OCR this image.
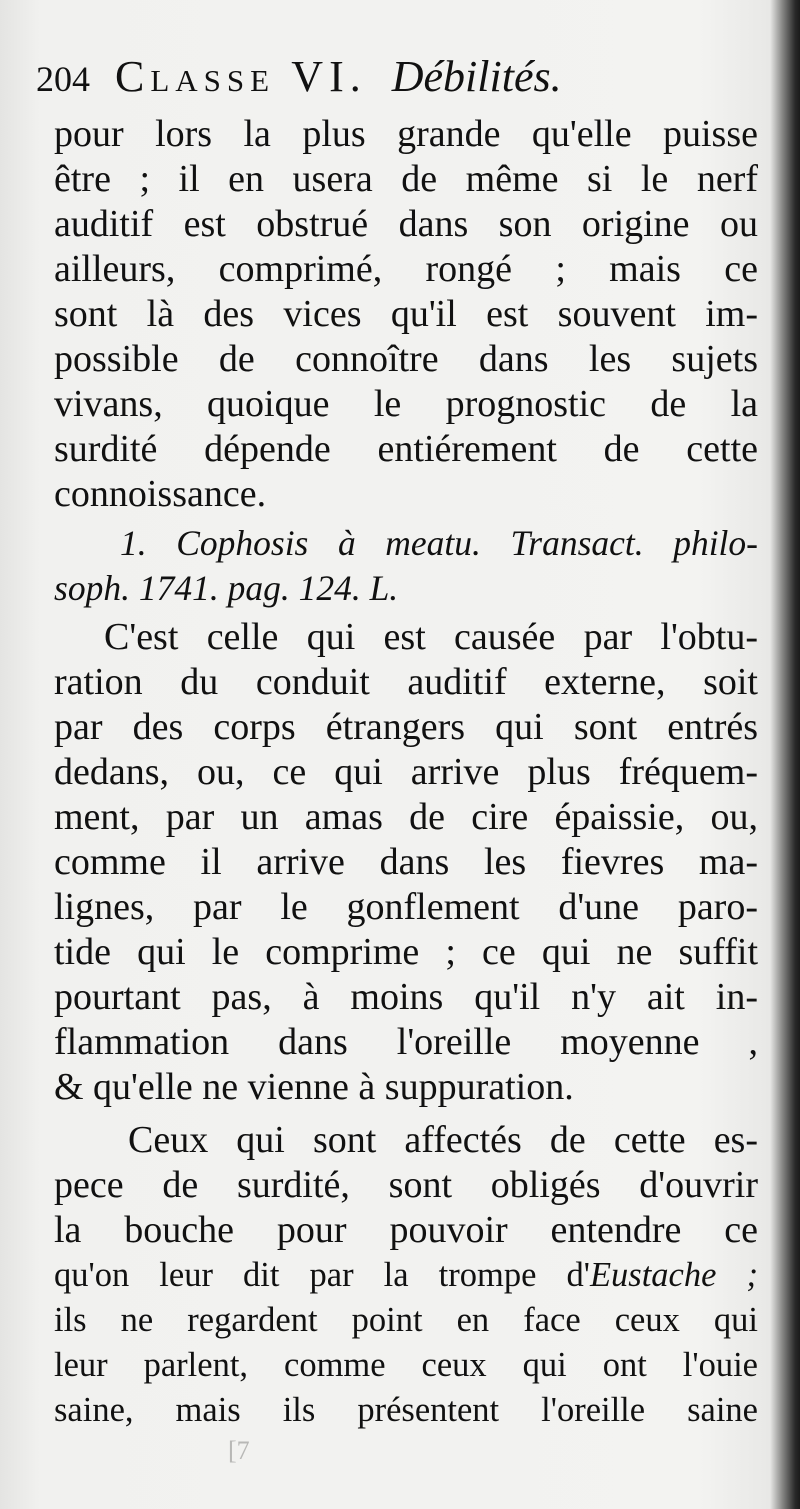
204 Classe VI. Débilités.
pour lors la plus grande qu'elle puisse
être ; il en usera de même si le nerf
auditif est obstrué dans son origine ou
ailleurs, comprimé, rongé ; mais ce
sont là des vices qu'il est souvent im-
possible de connoître dans les sujets
vivans, quoique le prognostic de la
surdité dépende entiérement de cette
connoissance.
1. Cophosis à meatu. Transact. philo-
soph. 1741. pag. 124. L.
C'est celle qui est causée par l'obtu-
ration du conduit auditif externe, soit
par des corps étrangers qui sont entrés
dedans, ou, ce qui arrive plus fréquem-
ment, par un amas de cire épaissie, ou,
comme il arrive dans les fievres ma-
lignes, par le gonflement d'une paro-
tide qui le comprime ; ce qui ne suffit
pourtant pas, à moins qu'il n'y ait in-
flammation dans l'oreille moyenne ,
& qu'elle ne vienne à suppuration.
Ceux qui sont affectés de cette es-
pece de surdité, sont obligés d'ouvrir
la bouche pour pouvoir entendre ce
qu'on leur dit par la trompe d'Eustache ;
ils ne regardent point en face ceux qui
leur parlent, comme ceux qui ont l'ouie
saine, mais ils présentent l'oreille saine
[7
